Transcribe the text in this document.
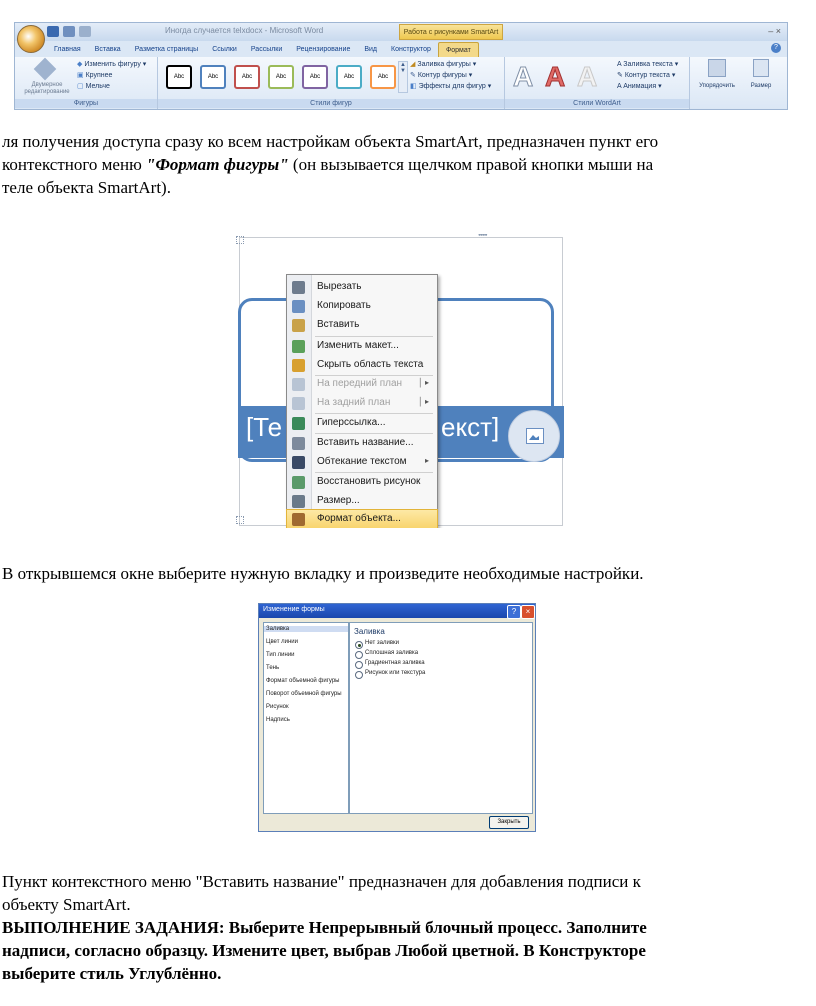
Иногда случается telxdocx - Microsoft Word	Работа с рисунками SmartArt	– ×
Главная	Вставка	Разметка страницы	Ссылки	Рассылки	Рецензирование	Вид	Конструктор	Формат	?
Двумерное редактирование
◆ Изменить фигуру ▾
▣ Крупнее
▢ Мельче
Фигуры
Abc	Abc	Abc	Abc	Abc	Abc	Abc
▲
▼
◢ Заливка фигуры ▾
✎ Контур фигуры ▾
◧ Эффекты для фигур ▾
Стили фигур
A A A	A Заливка текста ▾
✎ Контур текста ▾
A Анимация ▾
Стили WordArt
Упорядочить	Размер
ля получения доступа сразу ко всем настройкам объекта SmartArt, предназначен пункт его
контекстного меню "Формат фигуры" (он вызывается щелчком правой кнопки мыши на
теле объекта SmartArt).
••••
[Те	екст]
Вырезать
Копировать
Вставить
Изменить макет...
Скрыть область текста
На передний план │ ▸
На задний план	│ ▸
Гиперссылка...
Вставить название...
Обтекание текстом ▸
Восстановить рисунок
Размер...
Формат объекта...
В открывшемся окне выберите нужную вкладку и произведите необходимые настройки.
Изменение формы	?	×
Заливка
Цвет линии
Тип линии
Тень
Формат объемной фигуры
Поворот объемной фигуры
Рисунок
Надпись
Заливка
Нет заливки
Сплошная заливка
Градиентная заливка
Рисунок или текстура
Закрыть
Пункт контекстного меню "Вставить название" предназначен для добавления подписи к
объекту SmartArt.
ВЫПОЛНЕНИЕ ЗАДАНИЯ: Выберите Непрерывный блочный процесс. Заполните
надписи, согласно образцу. Измените цвет, выбрав Любой цветной. В Конструкторе
выберите стиль Углублённо.
